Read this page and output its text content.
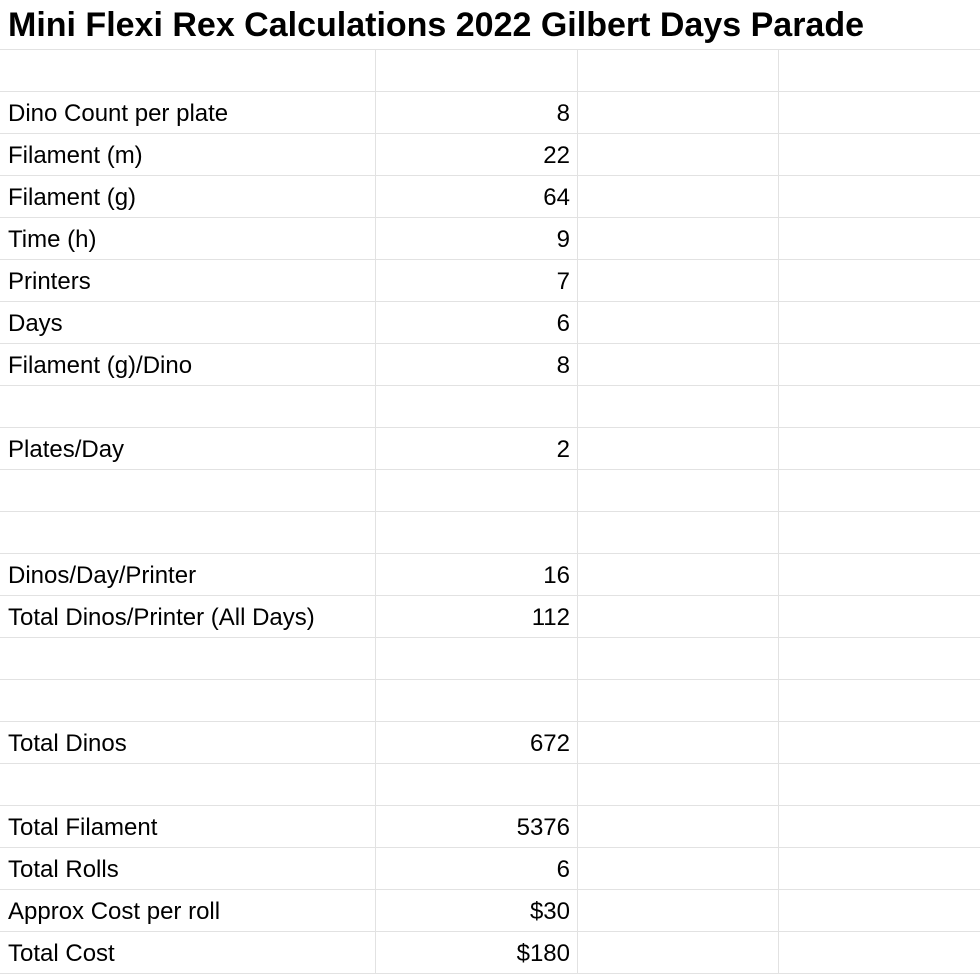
Mini Flexi Rex Calculations 2022 Gilbert Days Parade
Dino Count per plate	8
Filament (m)	22
Filament (g)	64
Time (h)	9
Printers	7
Days	6
Filament (g)/Dino	8
Plates/Day	2
Dinos/Day/Printer	16
Total Dinos/Printer (All Days)	112
Total Dinos	672
Total Filament	5376
Total Rolls	6
Approx Cost per roll	$30
Total Cost	$180
